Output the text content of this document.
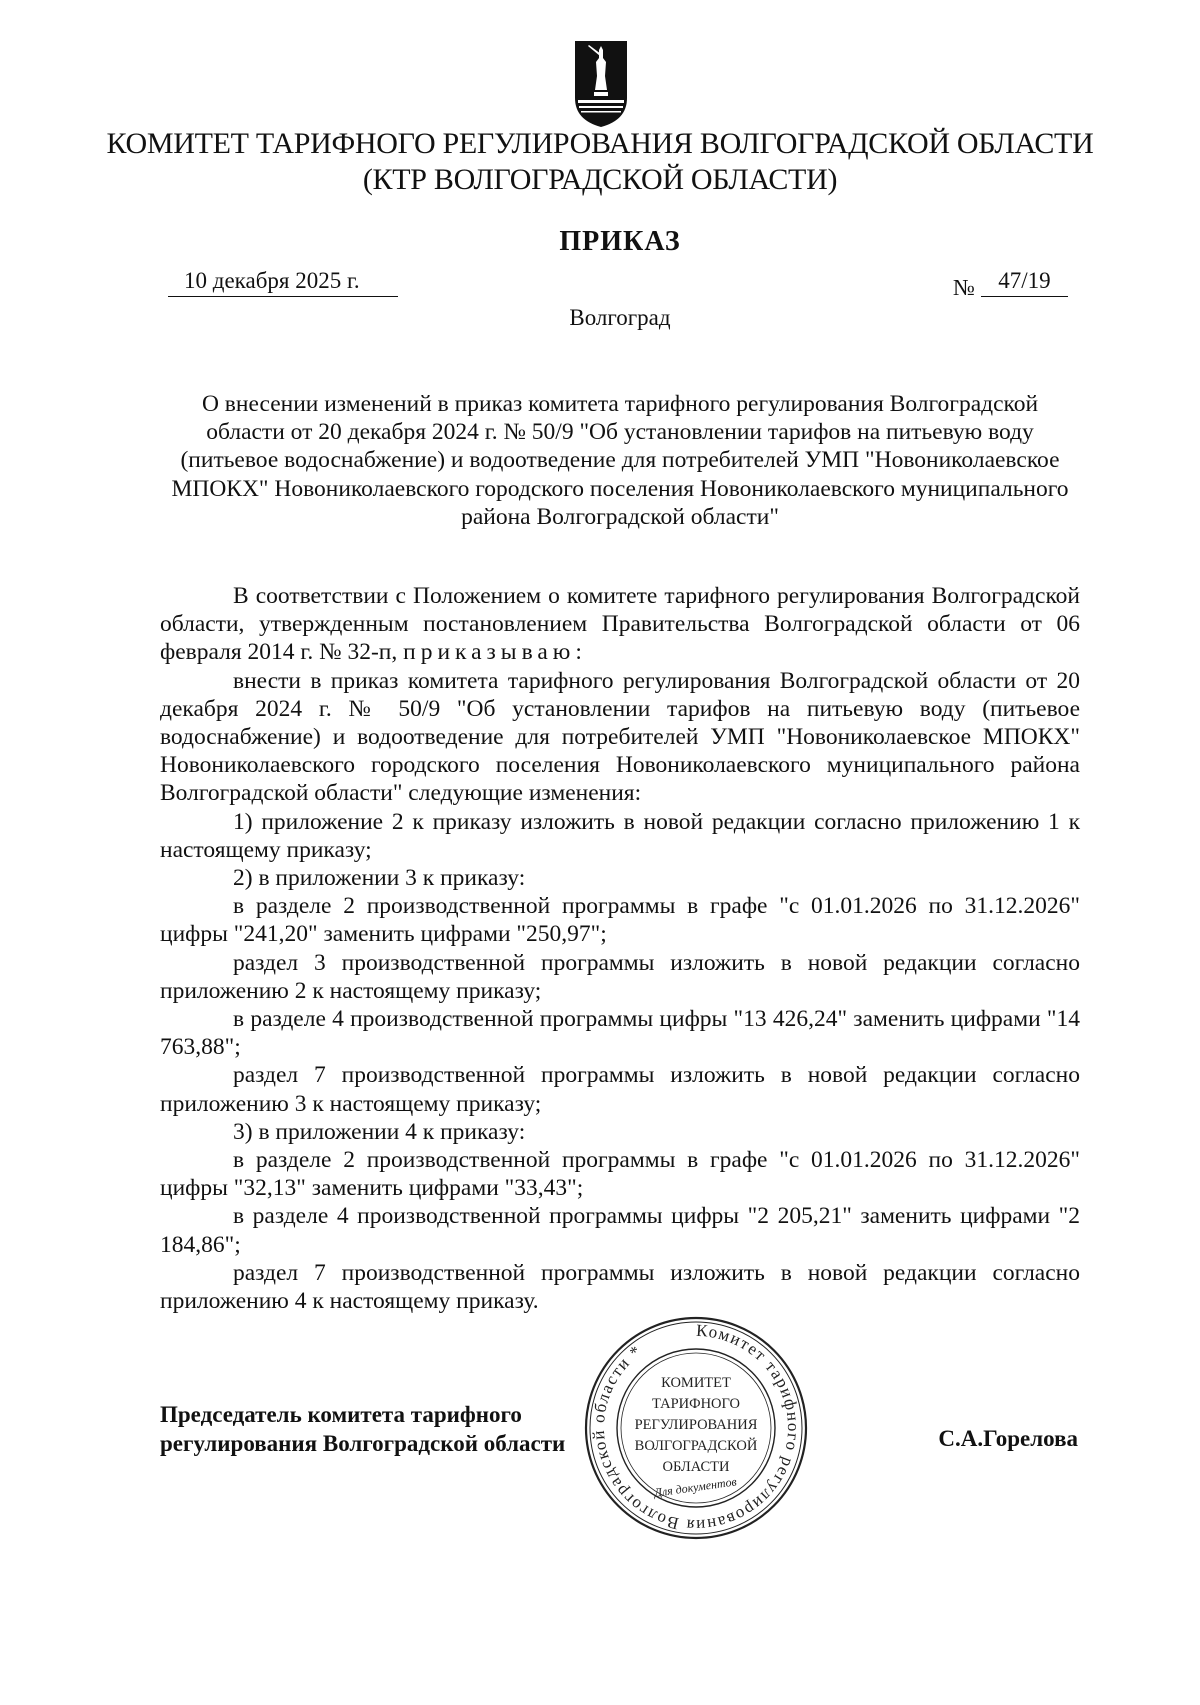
КОМИТЕТ ТАРИФНОГО РЕГУЛИРОВАНИЯ ВОЛГОГРАДСКОЙ ОБЛАСТИ
(КТР ВОЛГОГРАДСКОЙ ОБЛАСТИ)
ПРИКАЗ
10 декабря 2025 г.	№	47/19
Волгоград
О внесении изменений в приказ комитета тарифного регулирования Волгоградской области от 20 декабря 2024 г. № 50/9 "Об установлении тарифов на питьевую воду (питьевое водоснабжение) и водоотведение для потребителей УМП "Новониколаевское МПОКХ" Новониколаевского городского поселения Новониколаевского муниципального района Волгоградской области"

В соответствии с Положением о комитете тарифного регулирования Волгоградской области, утвержденным постановлением Правительства Волгоградской области от 06 февраля 2014 г. № 32-п, приказываю:

внести в приказ комитета тарифного регулирования Волгоградской области от 20 декабря 2024 г. № 50/9 "Об установлении тарифов на питьевую воду (питьевое водоснабжение) и водоотведение для потребителей УМП "Новониколаевское МПОКХ" Новониколаевского городского поселения Новониколаевского муниципального района Волгоградской области" следующие изменения:

1) приложение 2 к приказу изложить в новой редакции согласно приложению 1 к настоящему приказу;

2) в приложении 3 к приказу:

в разделе 2 производственной программы в графе "с 01.01.2026 по 31.12.2026" цифры "241,20" заменить цифрами "250,97";

раздел 3 производственной программы изложить в новой редакции согласно приложению 2 к настоящему приказу;

в разделе 4 производственной программы цифры "13 426,24" заменить цифрами "14 763,88";

раздел 7 производственной программы изложить в новой редакции согласно приложению 3 к настоящему приказу;

3) в приложении 4 к приказу:

в разделе 2 производственной программы в графе "с 01.01.2026 по 31.12.2026" цифры "32,13" заменить цифрами "33,43";

в разделе 4 производственной программы цифры "2 205,21" заменить цифрами "2 184,86";

раздел 7 производственной программы изложить в новой редакции согласно приложению 4 к настоящему приказу.

Комитет тарифного регулирования Волгоградской области *
КОМИТЕТ
ТАРИФНОГО
РЕГУЛИРОВАНИЯ
ВОЛГОГРАДСКОЙ
ОБЛАСТИ
Для документов
Председатель комитета тарифного
регулирования Волгоградской области	С.А.Горелова
